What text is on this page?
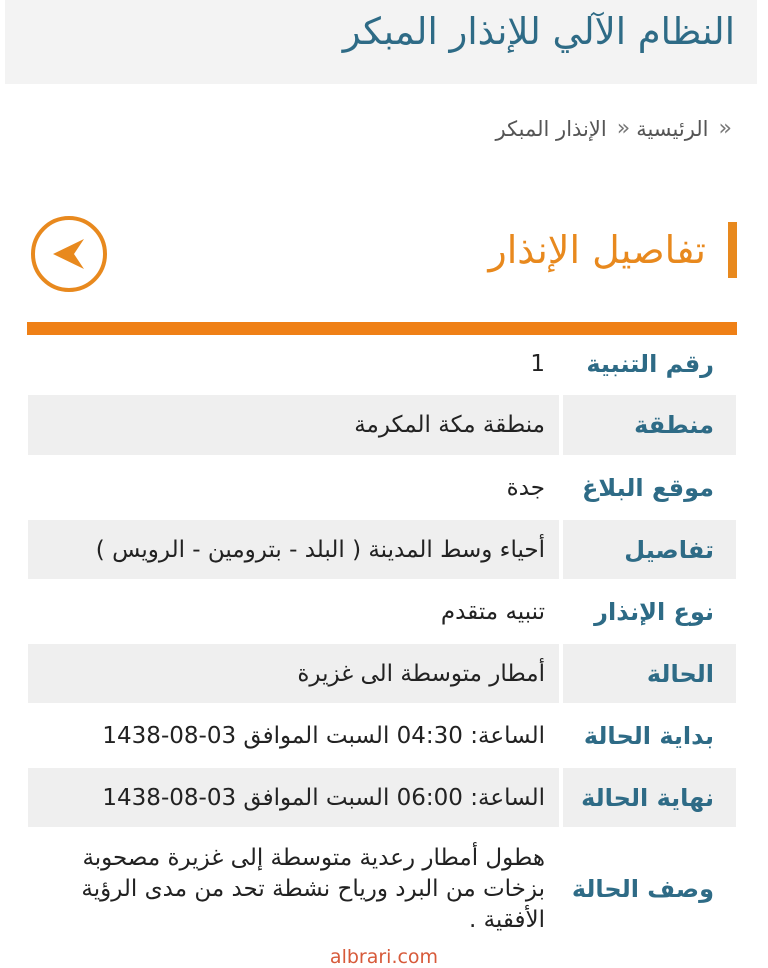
النظام الآلي للإنذار المبكر
«
الرئيسية
«
الإنذار المبكر
تفاصيل الإنذار
رقم التنبية
1
منطقة
منطقة مكة المكرمة
موقع البلاغ
جدة
تفاصيل
أحياء وسط المدينة ( البلد - بترومين - الرويس )
نوع الإنذار
تنبيه متقدم
الحالة
أمطار متوسطة الى غزيرة
بداية الحالة
الساعة: 04:30 السبت الموافق 03-08-1438
نهاية الحالة
الساعة: 06:00 السبت الموافق 03-08-1438
وصف الحالة
هطول أمطار رعدية متوسطة إلى غزيرة مصحوبة بزخات من البرد ورياح نشطة تحد من مدى الرؤية الأفقية .
albrari.com
